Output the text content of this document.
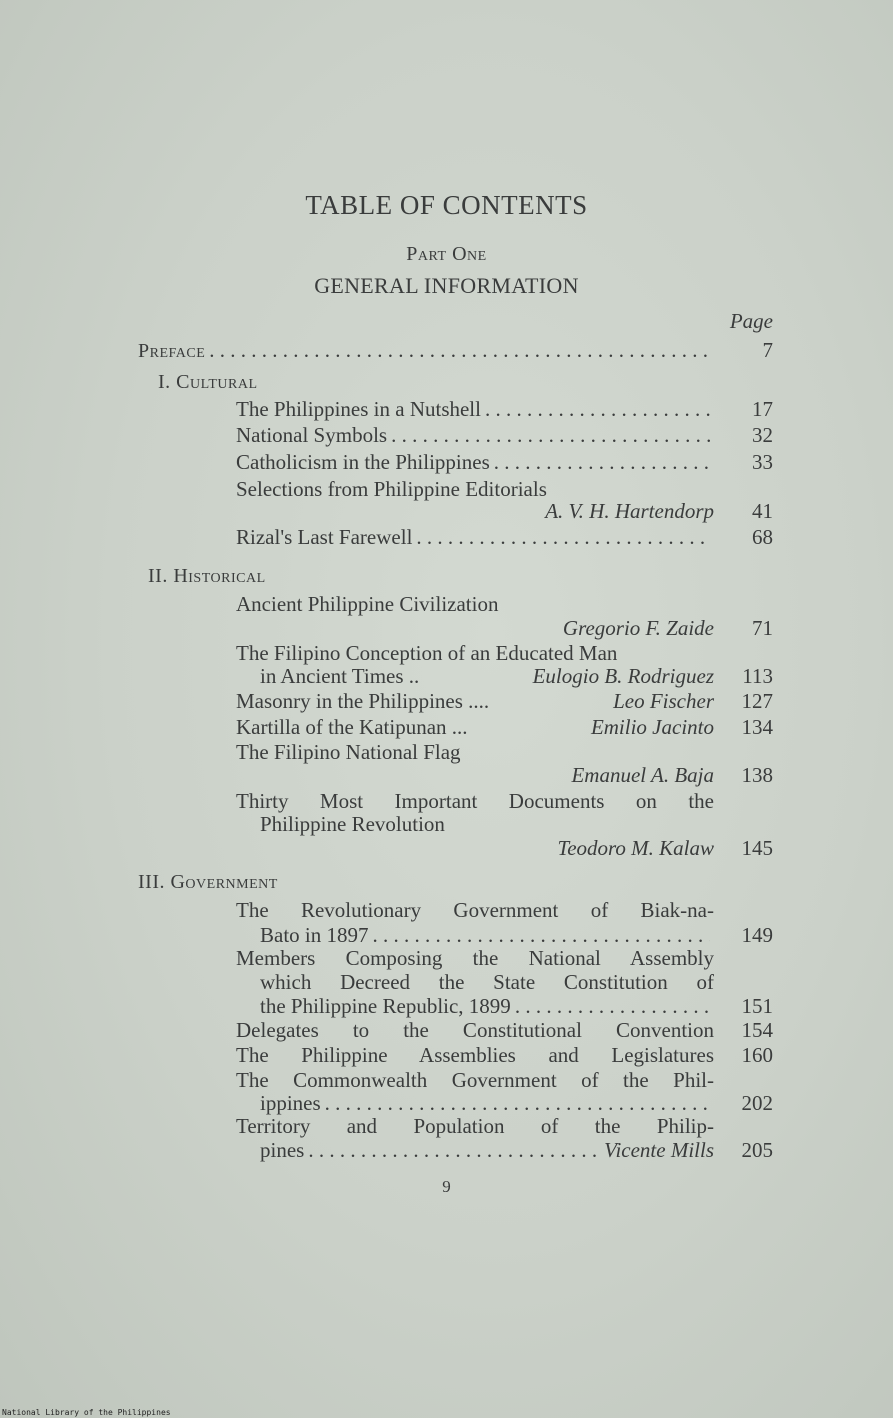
TABLE OF CONTENTS
Part One
GENERAL INFORMATION
Page
Preface . . .	7
I. Cultural
The Philippines in a Nutshell . . .	17
National Symbols . . .	32
Catholicism in the Philippines . . .	33
Selections from Philippine Editorials
A. V. H. Hartendorp	41
Rizal's Last Farewell . . .	68
II. Historical
Ancient Philippine Civilization
Gregorio F. Zaide	71
The Filipino Conception of an Educated Man
in Ancient Times ..	Eulogio B. Rodriguez	113
Masonry in the Philippines ....	Leo Fischer	127
Kartilla of the Katipunan ...	Emilio Jacinto	134
The Filipino National Flag
Emanuel A. Baja	138
Thirty Most Important Documents on the
Philippine Revolution
Teodoro M. Kalaw	145
III. Government
The Revolutionary Government of Biak-na-
Bato in 1897 . . .	149
Members Composing the National Assembly
which Decreed the State Constitution of
the Philippine Republic, 1899 . . .	151
Delegates to the Constitutional Convention	154
The Philippine Assemblies and Legislatures	160
The Commonwealth Government of the Phil-
ippines . . .	202
Territory and Population of the Philip-
pines . . .	Vicente Mills	205
9
National Library of the Philippines
